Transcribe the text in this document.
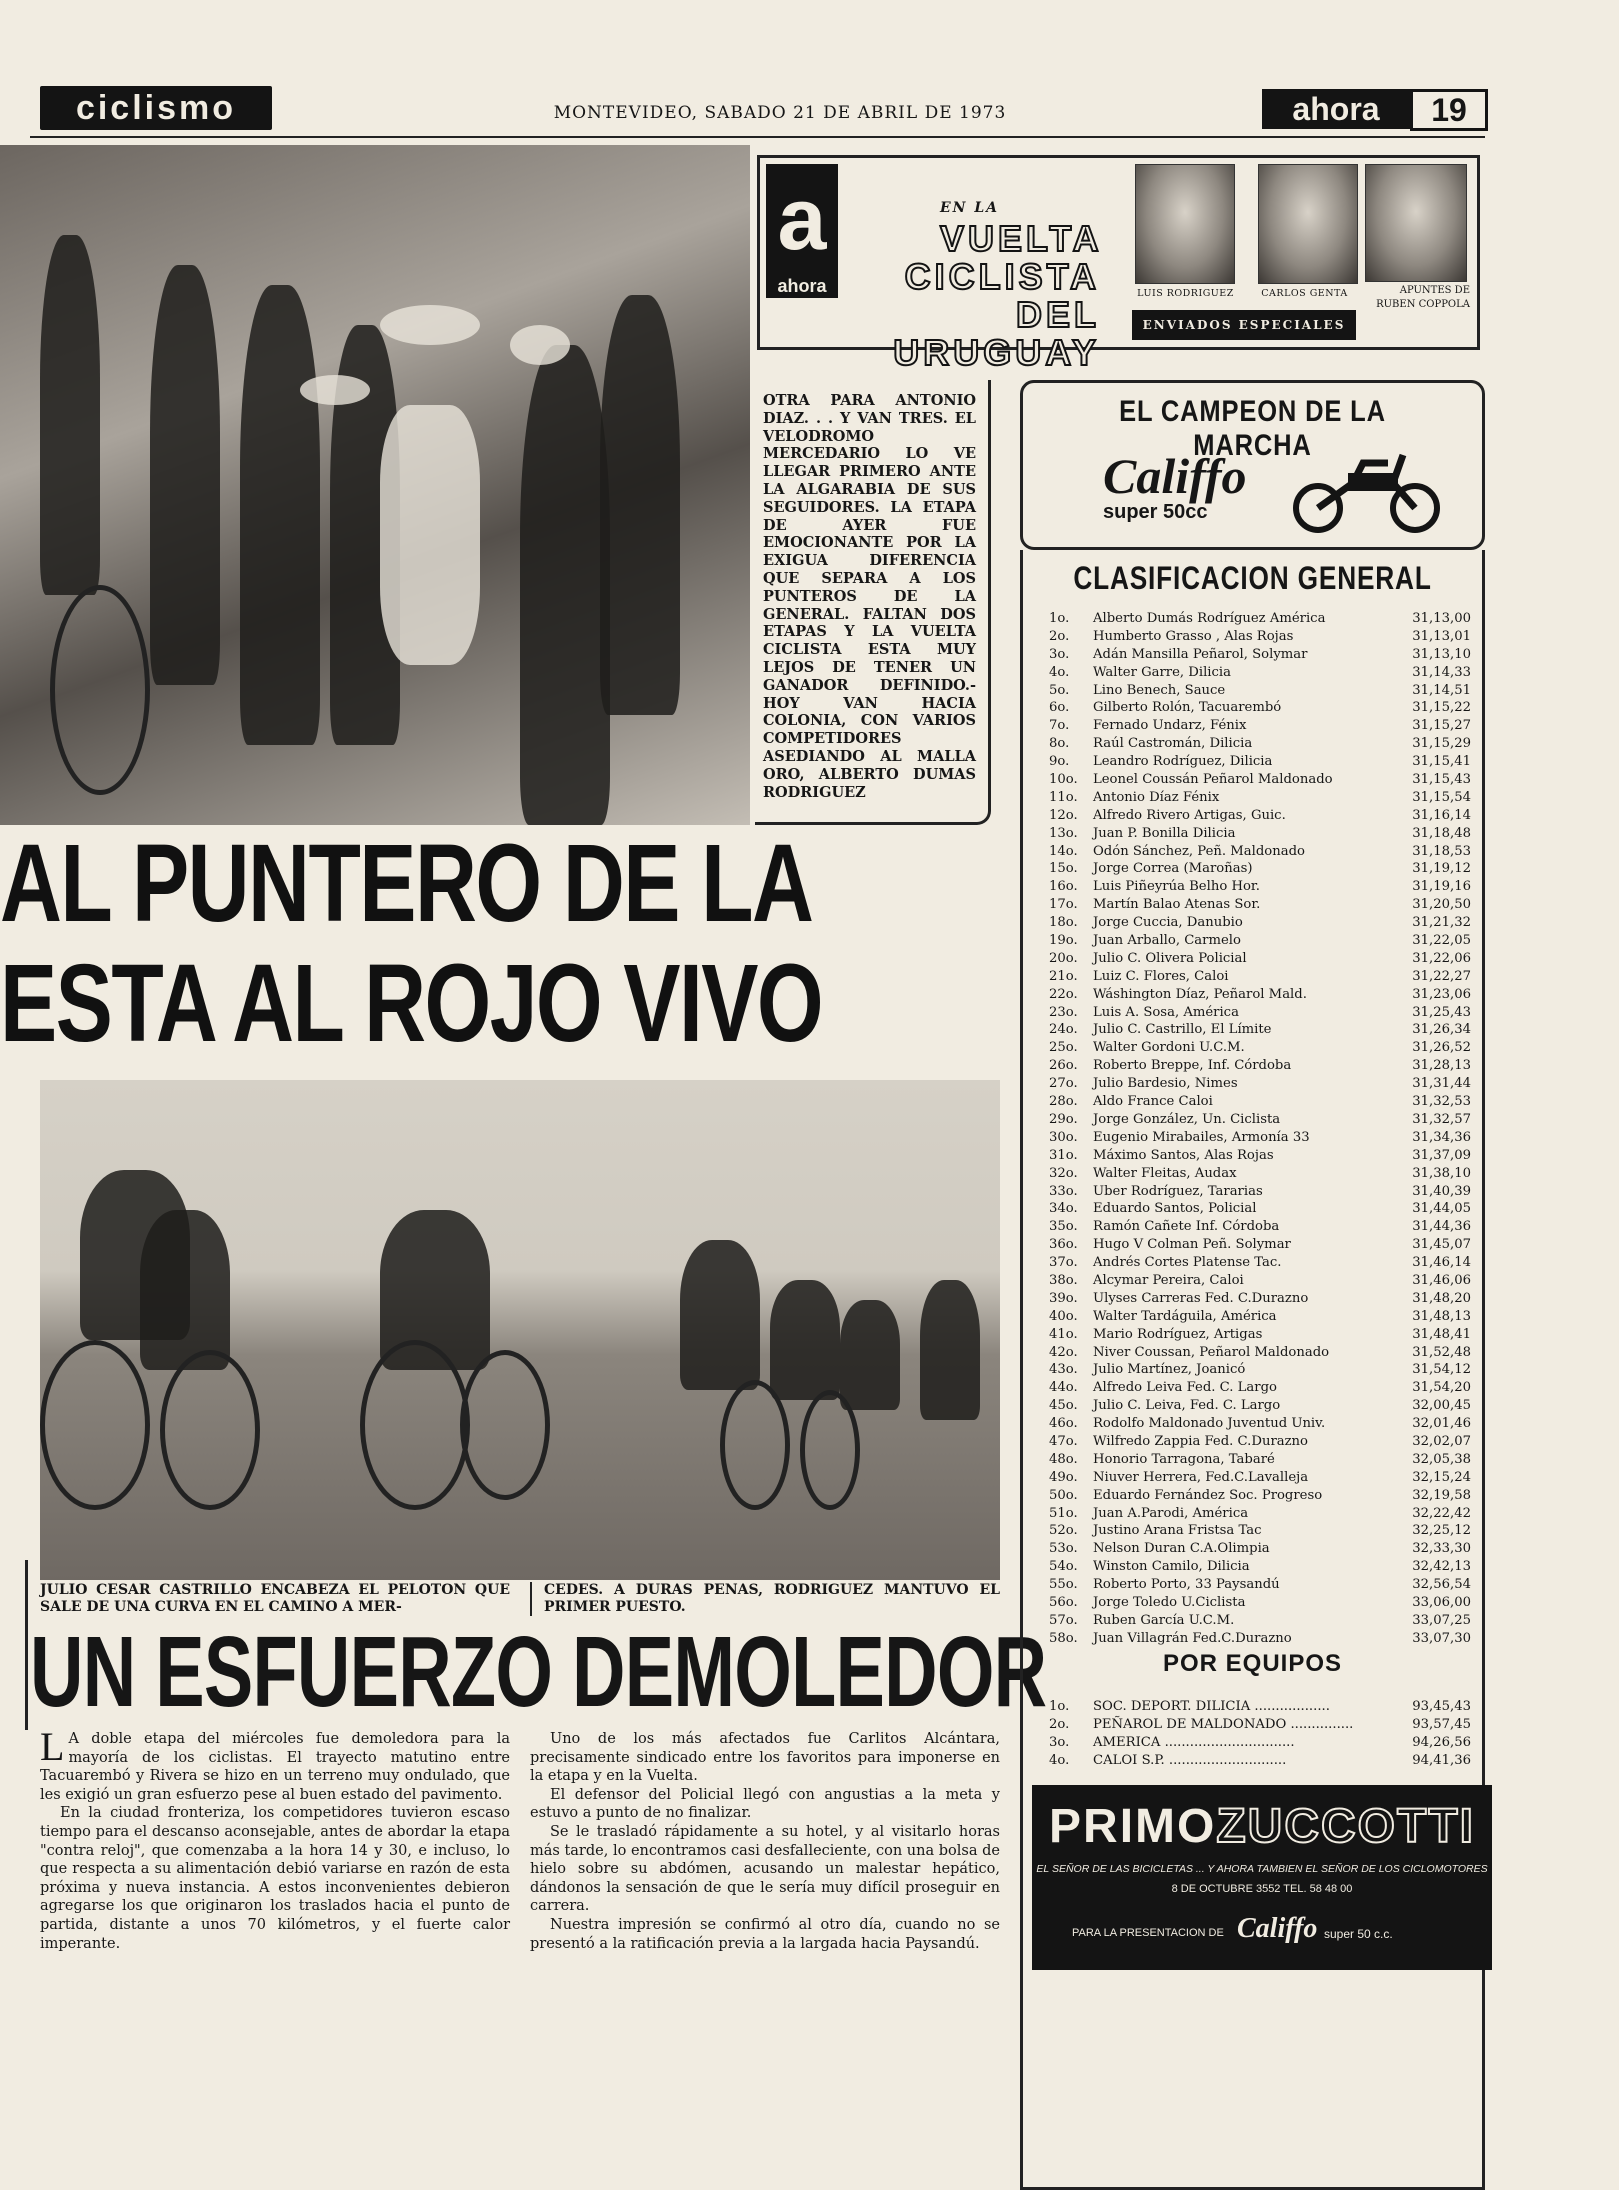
ciclismo	MONTEVIDEO, SABADO 21 DE ABRIL DE 1973	ahora	19
a
ahora
EN LA
VUELTA
CICLISTA
DEL URUGUAY
LUIS RODRIGUEZ	CARLOS GENTA
ENVIADOS ESPECIALES
APUNTES DE RUBEN COPPOLA
OTRA PARA ANTONIO DIAZ. . . Y VAN TRES. EL VELODROMO MERCEDARIO LO VE LLEGAR PRIMERO ANTE LA ALGARABIA DE SUS SEGUIDORES. LA ETAPA DE AYER FUE EMOCIONANTE POR LA EXIGUA DIFERENCIA QUE SEPARA A LOS PUNTEROS DE LA GENERAL. FALTAN DOS ETAPAS Y LA VUELTA CICLISTA ESTA MUY LEJOS DE TENER UN GANADOR DEFINIDO.- HOY VAN HACIA COLONIA, CON VARIOS COMPETIDORES ASEDIANDO AL MALLA ORO, ALBERTO DUMAS RODRIGUEZ
AL PUNTERO DE LA
ESTA AL ROJO VIVO
JULIO CESAR CASTRILLO ENCABEZA EL PELOTON QUE SALE DE UNA CURVA EN EL CAMINO A MER-
CEDES. A DURAS PENAS, RODRIGUEZ MANTUVO EL PRIMER PUESTO.
UN ESFUERZO DEMOLEDOR

L A doble etapa del miércoles fue demoledora para la mayoría de los ciclistas. El trayecto matutino entre Tacuarembó y Rivera se hizo en un terreno muy ondulado, que les exigió un gran esfuerzo pese al buen estado del pavimento.

En la ciudad fronteriza, los competidores tuvieron escaso tiempo para el descanso aconsejable, antes de abordar la etapa "contra reloj", que comenzaba a la hora 14 y 30, e incluso, lo que respecta a su alimentación debió variarse en razón de esta próxima y nueva instancia. A estos inconvenientes debieron agregarse los que originaron los traslados hacia el punto de partida, distante a unos 70 kilómetros, y el fuerte calor imperante.

Uno de los más afectados fue Carlitos Alcántara, precisamente sindicado entre los favoritos para imponerse en la etapa y en la Vuelta.

El defensor del Policial llegó con angustias a la meta y estuvo a punto de no finalizar.

Se le trasladó rápidamente a su hotel, y al visitarlo horas más tarde, lo encontramos casi desfalleciente, con una bolsa de hielo sobre su abdómen, acusando un malestar hepático, dándonos la sensación de que le sería muy difícil proseguir en carrera.

Nuestra impresión se confirmó al otro día, cuando no se presentó a la ratificación previa a la largada hacia Paysandú.

EL CAMPEON DE LA MARCHA
Califfo
super 50cc
CLASIFICACION GENERAL
1o. Alberto Dumás Rodríguez América	31,13,00
2o. Humberto Grasso , Alas Rojas	31,13,01
3o. Adán Mansilla Peñarol, Solymar	31,13,10
4o. Walter Garre, Dilicia	31,14,33
5o. Lino Benech, Sauce	31,14,51
6o. Gilberto Rolón, Tacuarembó	31,15,22
7o. Fernado Undarz, Fénix	31,15,27
8o. Raúl Castromán, Dilicia	31,15,29
9o. Leandro Rodríguez, Dilicia	31,15,41
10o. Leonel Coussán Peñarol Maldonado	31,15,43
11o. Antonio Díaz Fénix	31,15,54
12o. Alfredo Rivero Artigas, Guic.	31,16,14
13o. Juan P. Bonilla Dilicia	31,18,48
14o. Odón Sánchez, Peñ. Maldonado	31,18,53
15o. Jorge Correa (Maroñas)	31,19,12
16o. Luis Piñeyrúa Belho Hor.	31,19,16
17o. Martín Balao Atenas Sor.	31,20,50
18o. Jorge Cuccia, Danubio	31,21,32
19o. Juan Arballo, Carmelo	31,22,05
20o. Julio C. Olivera Policial	31,22,06
21o. Luiz C. Flores, Caloi	31,22,27
22o. Wáshington Díaz, Peñarol Mald.	31,23,06
23o. Luis A. Sosa, América	31,25,43
24o. Julio C. Castrillo, El Límite	31,26,34
25o. Walter Gordoni U.C.M.	31,26,52
26o. Roberto Breppe, Inf. Córdoba	31,28,13
27o. Julio Bardesio, Nimes	31,31,44
28o. Aldo France Caloi	31,32,53
29o. Jorge González, Un. Ciclista	31,32,57
30o. Eugenio Mirabailes, Armonía 33	31,34,36
31o. Máximo Santos, Alas Rojas	31,37,09
32o. Walter Fleitas, Audax	31,38,10
33o. Uber Rodríguez, Tararias	31,40,39
34o. Eduardo Santos, Policial	31,44,05
35o. Ramón Cañete Inf. Córdoba	31,44,36
36o. Hugo V Colman Peñ. Solymar	31,45,07
37o. Andrés Cortes Platense Tac.	31,46,14
38o. Alcymar Pereira, Caloi	31,46,06
39o. Ulyses Carreras Fed. C.Durazno	31,48,20
40o. Walter Tardáguila, América	31,48,13
41o. Mario Rodríguez, Artigas	31,48,41
42o. Niver Coussan, Peñarol Maldonado	31,52,48
43o. Julio Martínez, Joanicó	31,54,12
44o. Alfredo Leiva Fed. C. Largo	31,54,20
45o. Julio C. Leiva, Fed. C. Largo	32,00,45
46o. Rodolfo Maldonado Juventud Univ.	32,01,46
47o. Wilfredo Zappia Fed. C.Durazno	32,02,07
48o. Honorio Tarragona, Tabaré	32,05,38
49o. Niuver Herrera, Fed.C.Lavalleja	32,15,24
50o. Eduardo Fernández Soc. Progreso	32,19,58
51o. Juan A.Parodi, América	32,22,42
52o. Justino Arana Fristsa Tac	32,25,12
53o. Nelson Duran C.A.Olimpia	32,33,30
54o. Winston Camilo, Dilicia	32,42,13
55o. Roberto Porto, 33 Paysandú	32,56,54
56o. Jorge Toledo U.Ciclista	33,06,00
57o. Ruben García U.C.M.	33,07,25
58o. Juan Villagrán Fed.C.Durazno	33,07,30
POR EQUIPOS
1o. SOC. DEPORT. DILICIA ..................	93,45,43
2o. PEÑAROL DE MALDONADO ...............	93,57,45
3o. AMERICA ...............................	94,26,56
4o. CALOI S.P. ............................	94,41,36
PRIMOZUCCOTTI
EL SEÑOR DE LAS BICICLETAS ... Y AHORA TAMBIEN EL SEÑOR DE LOS CICLOMOTORES
8 DE OCTUBRE 3552 TEL. 58 48 00
PARA LA PRESENTACION DE Califfo super 50 c.c.
